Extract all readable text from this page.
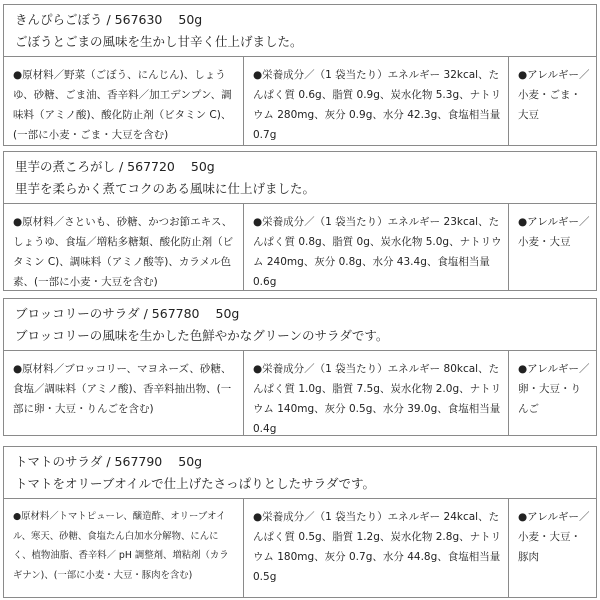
きんぴらごぼう / 567630 50g
ごぼうとごまの風味を生かし甘辛く仕上げました。
●原材料／野菜（ごぼう、にんじん)、しょうゆ、砂糖、ごま油、香辛料／加工デンプン、調味料（アミノ酸)、酸化防止剤（ビタミン C)、(一部に小麦・ごま・大豆を含む)
●栄養成分／（1 袋当たり）エネルギー 32kcal、たんぱく質 0.6g、脂質 0.9g、炭水化物 5.3g、ナトリウム 280mg、灰分 0.9g、水分 42.3g、食塩相当量 0.7g
●アレルギー／小麦・ごま・大豆
里芋の煮ころがし / 567720 50g
里芋を柔らかく煮てコクのある風味に仕上げました。
●原材料／さといも、砂糖、かつお節エキス、しょうゆ、食塩／増粘多糖類、酸化防止剤（ビタミン C)、調味料（アミノ酸等)、カラメル色素、(一部に小麦・大豆を含む)
●栄養成分／（1 袋当たり）エネルギー 23kcal、たんぱく質 0.8g、脂質 0g、炭水化物 5.0g、ナトリウム 240mg、灰分 0.8g、水分 43.4g、食塩相当量 0.6g
●アレルギー／小麦・大豆
ブロッコリーのサラダ / 567780 50g
ブロッコリーの風味を生かした色鮮やかなグリーンのサラダです。
●原材料／ブロッコリー、マヨネーズ、砂糖、食塩／調味料（アミノ酸)、香辛料抽出物、(一部に卵・大豆・りんごを含む)
●栄養成分／（1 袋当たり）エネルギー 80kcal、たんぱく質 1.0g、脂質 7.5g、炭水化物 2.0g、ナトリウム 140mg、灰分 0.5g、水分 39.0g、食塩相当量 0.4g
●アレルギー／卵・大豆・りんご
トマトのサラダ / 567790 50g
トマトをオリーブオイルで仕上げたさっぱりとしたサラダです。
●原材料／トマトピューレ、醸造酢、オリーブオイル、寒天、砂糖、食塩たん白加水分解物、にんにく、植物油脂、香辛料／ pH 調整剤、増粘剤（カラギナン)、(一部に小麦・大豆・豚肉を含む)
●栄養成分／（1 袋当たり）エネルギー 24kcal、たんぱく質 0.5g、脂質 1.2g、炭水化物 2.8g、ナトリウム 180mg、灰分 0.7g、水分 44.8g、食塩相当量 0.5g
●アレルギー／小麦・大豆・豚肉
